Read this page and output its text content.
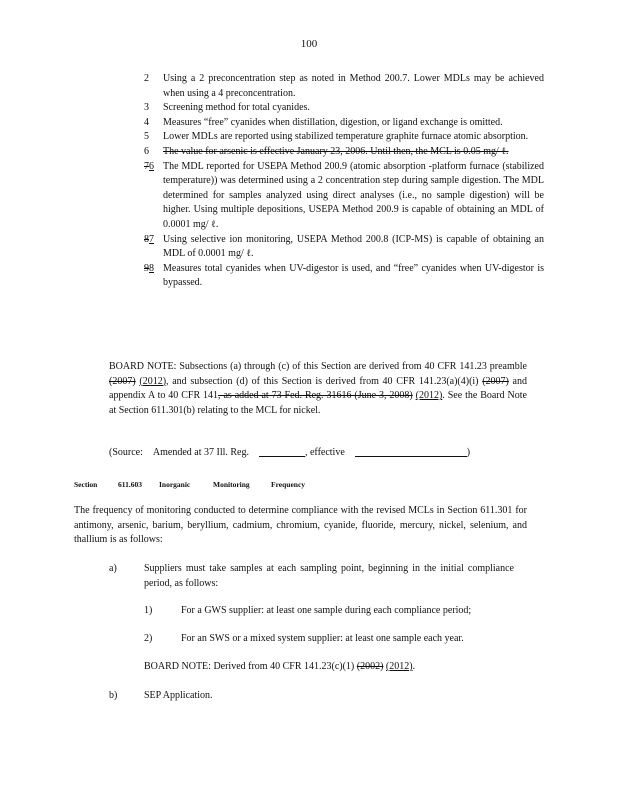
100
2 Using a 2 preconcentration step as noted in Method 200.7. Lower MDLs may be achieved when using a 4 preconcentration.
3 Screening method for total cyanides.
4 Measures “free” cyanides when distillation, digestion, or ligand exchange is omitted.
5 Lower MDLs are reported using stabilized temperature graphite furnace atomic absorption.
6 The value for arsenic is effective January 23, 2006. Until then, the MCL is 0.05 mg/ ℓ.
76 The MDL reported for USEPA Method 200.9 (atomic absorption -platform furnace (stabilized temperature)) was determined using a 2 concentration step during sample digestion. The MDL determined for samples analyzed using direct analyses (i.e., no sample digestion) will be higher. Using multiple depositions, USEPA Method 200.9 is capable of obtaining an MDL of 0.0001 mg/ ℓ.
87 Using selective ion monitoring, USEPA Method 200.8 (ICP-MS) is capable of obtaining an MDL of 0.0001 mg/ ℓ.
98 Measures total cyanides when UV-digestor is used, and “free” cyanides when UV-digestor is bypassed.
BOARD NOTE: Subsections (a) through (c) of this Section are derived from 40 CFR 141.23 preamble (2007) (2012), and subsection (d) of this Section is derived from 40 CFR 141.23(a)(4)(i) (2007) and appendix A to 40 CFR 141, as added at 73 Fed. Reg. 31616 (June 3, 2008) (2012). See the Board Note at Section 611.301(b) relating to the MCL for nickel.
(Source: Amended at 37 Ill. Reg.	, effective	)
Section	611.603 Inorganic	Monitoring	Frequency
The frequency of monitoring conducted to determine compliance with the revised MCLs in Section 611.301 for antimony, arsenic, barium, beryllium, cadmium, chromium, cyanide, fluoride, mercury, nickel, selenium, and thallium is as follows:
a)	Suppliers must take samples at each sampling point, beginning in the initial compliance period, as follows:
1)	For a GWS supplier: at least one sample during each compliance period;
2)	For an SWS or a mixed system supplier: at least one sample each year.
BOARD NOTE: Derived from 40 CFR 141.23(c)(1) (2002) (2012).
b)	SEP Application.
